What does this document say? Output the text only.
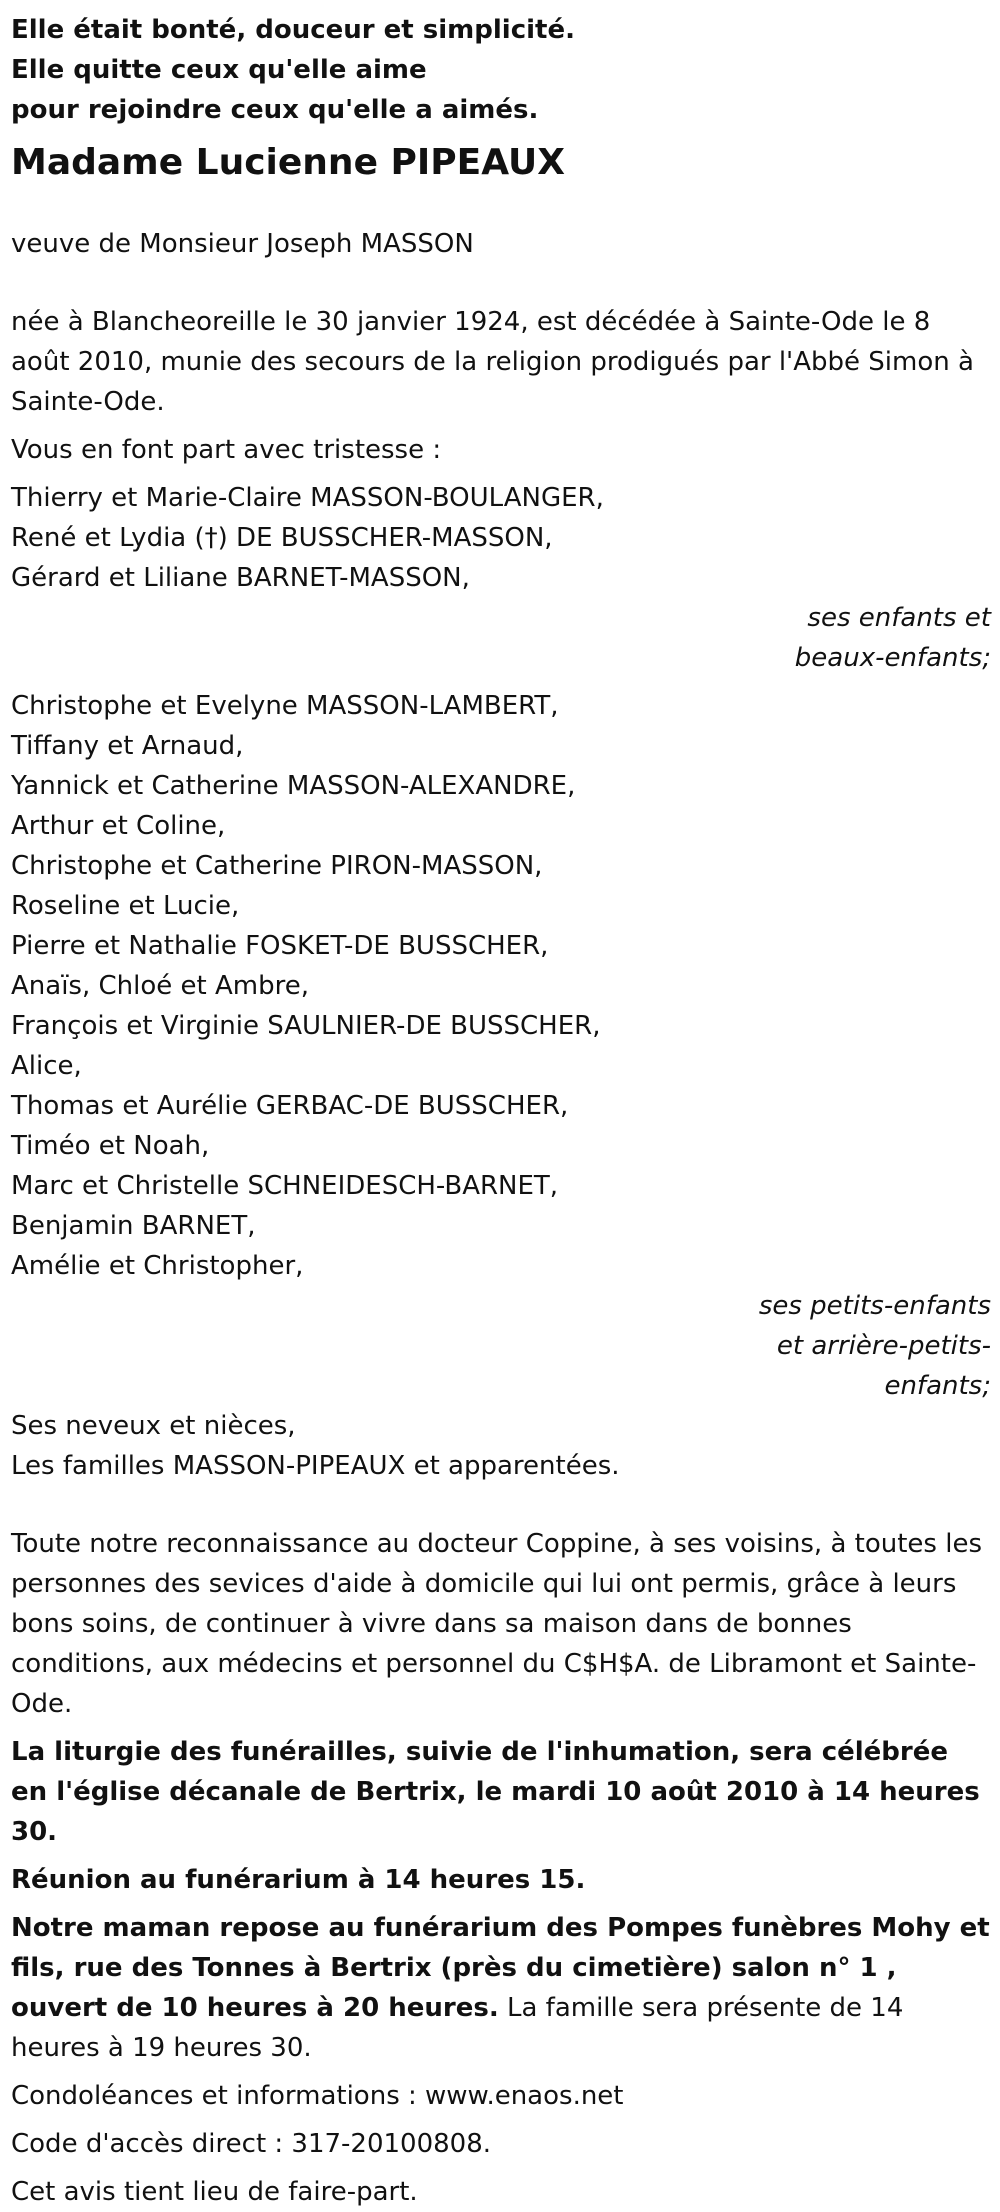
Elle était bonté, douceur et simplicité.

Elle quitte ceux qu'elle aime

pour rejoindre ceux qu'elle a aimés.

Madame Lucienne PIPEAUX

veuve de Monsieur Joseph MASSON

née à Blancheoreille le 30 janvier 1924, est décédée à Sainte-Ode le 8 août 2010, munie des secours de la religion prodigués par l'Abbé Simon à Sainte-Ode.

Vous en font part avec tristesse :

Thierry et Marie-Claire MASSON-BOULANGER,

René et Lydia (†) DE BUSSCHER-MASSON,

Gérard et Liliane BARNET-MASSON,

ses enfants et

beaux-enfants;

Christophe et Evelyne MASSON-LAMBERT,

Tiffany et Arnaud,

Yannick et Catherine MASSON-ALEXANDRE,

Arthur et Coline,

Christophe et Catherine PIRON-MASSON,

Roseline et Lucie,

Pierre et Nathalie FOSKET-DE BUSSCHER,

Anaïs, Chloé et Ambre,

François et Virginie SAULNIER-DE BUSSCHER,

Alice,

Thomas et Aurélie GERBAC-DE BUSSCHER,

Timéo et Noah,

Marc et Christelle SCHNEIDESCH-BARNET,

Benjamin BARNET,

Amélie et Christopher,

ses petits-enfants

et arrière-petits-

enfants;

Ses neveux et nièces,

Les familles MASSON-PIPEAUX et apparentées.

Toute notre reconnaissance au docteur Coppine, à ses voisins, à toutes les personnes des sevices d'aide à domicile qui lui ont permis, grâce à leurs bons soins, de continuer à vivre dans sa maison dans de bonnes conditions, aux médecins et personnel du C$H$A. de Libramont et Sainte-Ode.

La liturgie des funérailles, suivie de l'inhumation, sera célébrée en l'église décanale de Bertrix, le mardi 10 août 2010 à 14 heures 30.

Réunion au funérarium à 14 heures 15.

Notre maman repose au funérarium des Pompes funèbres Mohy et fils, rue des Tonnes à Bertrix (près du cimetière) salon n° 1 , ouvert de 10 heures à 20 heures. La famille sera présente de 14 heures à 19 heures 30.

Condoléances et informations : www.enaos.net

Code d'accès direct : 317-20100808.

Cet avis tient lieu de faire-part.
